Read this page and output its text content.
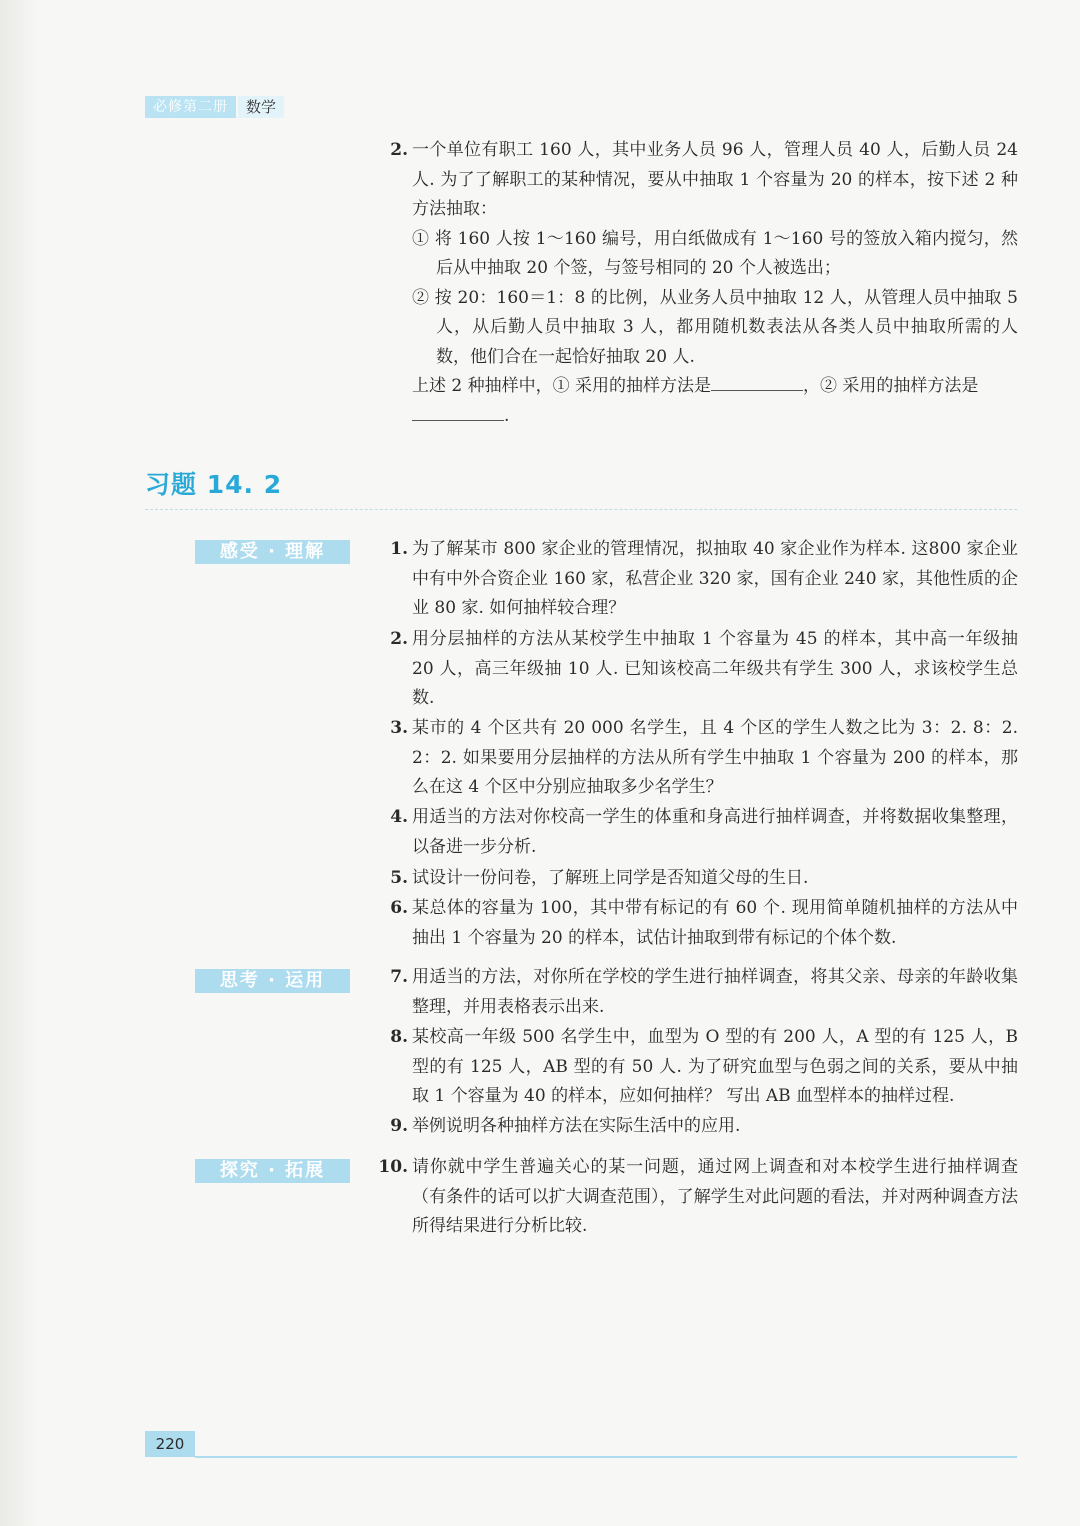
必修第二册	数学
2. 一个单位有职工 160 人，其中业务人员 96 人，管理人员 40 人，后勤人员 24 人. 为了了解职工的某种情况，要从中抽取 1 个容量为 20 的样本，按下述 2 种方法抽取：
① 将 160 人按 1～160 编号，用白纸做成有 1～160 号的签放入箱内搅匀，然后从中抽取 20 个签，与签号相同的 20 个人被选出；
② 按 20：160＝1：8 的比例，从业务人员中抽取 12 人，从管理人员中抽取 5 人，从后勤人员中抽取 3 人，都用随机数表法从各类人员中抽取所需的人数，他们合在一起恰好抽取 20 人.
上述 2 种抽样中，① 采用的抽样方法是	，② 采用的抽样方法是
.
习题 14. 2
感受 · 理解
思考 · 运用
探究 · 拓展
1. 为了解某市 800 家企业的管理情况，拟抽取 40 家企业作为样本. 这800 家企业中有中外合资企业 160 家，私营企业 320 家，国有企业 240 家，其他性质的企业 80 家. 如何抽样较合理？
2. 用分层抽样的方法从某校学生中抽取 1 个容量为 45 的样本，其中高一年级抽 20 人，高三年级抽 10 人. 已知该校高二年级共有学生 300 人，求该校学生总数.
3. 某市的 4 个区共有 20 000 名学生，且 4 个区的学生人数之比为 3：2. 8：2. 2：2. 如果要用分层抽样的方法从所有学生中抽取 1 个容量为 200 的样本，那么在这 4 个区中分别应抽取多少名学生？
4. 用适当的方法对你校高一学生的体重和身高进行抽样调查，并将数据收集整理，以备进一步分析.
5. 试设计一份问卷，了解班上同学是否知道父母的生日.
6. 某总体的容量为 100，其中带有标记的有 60 个. 现用简单随机抽样的方法从中抽出 1 个容量为 20 的样本，试估计抽取到带有标记的个体个数.
7. 用适当的方法，对你所在学校的学生进行抽样调查，将其父亲、母亲的年龄收集整理，并用表格表示出来.
8. 某校高一年级 500 名学生中，血型为 O 型的有 200 人，A 型的有 125 人，B 型的有 125 人，AB 型的有 50 人. 为了研究血型与色弱之间的关系，要从中抽取 1 个容量为 40 的样本，应如何抽样？ 写出 AB 血型样本的抽样过程.
9. 举例说明各种抽样方法在实际生活中的应用.
10. 请你就中学生普遍关心的某一问题，通过网上调查和对本校学生进行抽样调查（有条件的话可以扩大调查范围），了解学生对此问题的看法，并对两种调查方法所得结果进行分析比较.
220
